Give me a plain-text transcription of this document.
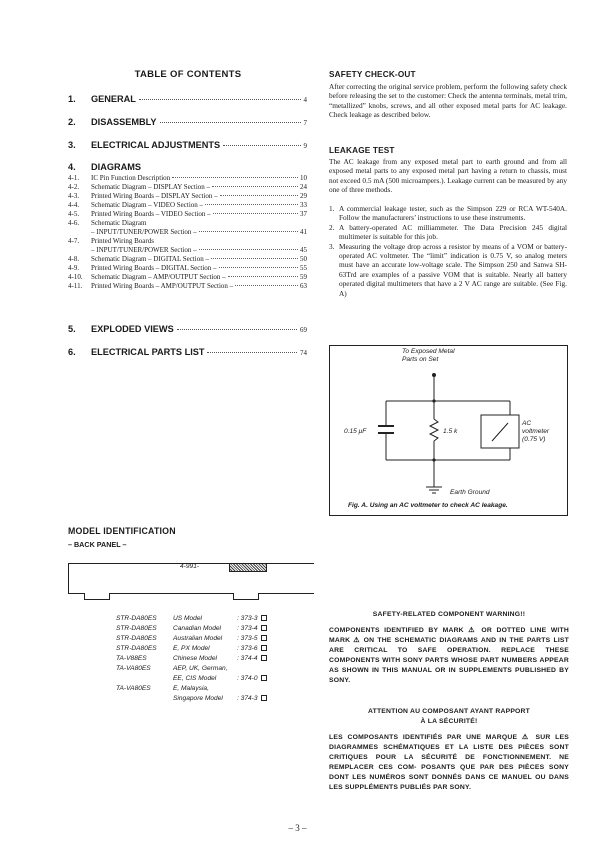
TABLE OF CONTENTS
1.	GENERAL	4
2.	DISASSEMBLY	7
3.	ELECTRICAL ADJUSTMENTS	9
4.	DIAGRAMS
4-1.	IC Pin Function Description	10
4-2.	Schematic Diagram – DISPLAY Section –	24
4-3.	Printed Wiring Boards – DISPLAY Section –	29
4-4.	Schematic Diagram – VIDEO Section –	33
4-5.	Printed Wiring Boards – VIDEO Section –	37
4-6.	Schematic Diagram
– INPUT/TUNER/POWER Section –	41
4-7.	Printed Wiring Boards
– INPUT/TUNER/POWER Section –	45
4-8.	Schematic Diagram – DIGITAL Section –	50
4-9.	Printed Wiring Boards – DIGITAL Section –	55
4-10.	Schematic Diagram – AMP/OUTPUT Section –	59
4-11.	Printed Wiring Boards – AMP/OUTPUT Section –	63
5.	EXPLODED VIEWS	69
6.	ELECTRICAL PARTS LIST	74
SAFETY CHECK-OUT

After correcting the original service problem, perform the following safety check before releasing the set to the customer: Check the antenna terminals, metal trim, “metallized” knobs, screws, and all other exposed metal parts for AC leakage. Check leakage as described below.

LEAKAGE TEST

The AC leakage from any exposed metal part to earth ground and from all exposed metal parts to any exposed metal part having a return to chassis, must not exceed 0.5 mA (500 microampers.). Leakage current can be measured by any one of three methods.

1. A commercial leakage tester, such as the Simpson 229 or RCA WT-540A. Follow the manufacturers’ instructions to use these instruments.
2. A battery-operated AC milliammeter. The Data Precision 245 digital multimeter is suitable for this job.
3. Measuring the voltage drop across a resistor by means of a VOM or battery-operated AC voltmeter. The “limit” indication is 0.75 V, so analog meters must have an accurate low-voltage scale. The Simpson 250 and Sanwa SH-63Trd are examples of a passive VOM that is suitable. Nearly all battery operated digital multimeters that have a 2 V AC range are suitable. (See Fig. A)
To Exposed Metal
Parts on Set
0.15 μF	1.5 k
AC
voltmeter
(0.75 V)
Earth Ground
Fig. A. Using an AC voltmeter to check AC leakage.
MODEL IDENTIFICATION
– BACK PANEL –
4-991-
STR-DA80ES	US Model	: 373-3
STR-DA80ES	Canadian Model	: 373-4
STR-DA80ES	Australian Model	: 373-5
STR-DA80ES	E, PX Model	: 373-6
TA-V88ES	Chinese Model	: 374-4
TA-VA80ES	AEP, UK, German,
EE, CIS Model	: 374-0
TA-VA80ES	E, Malaysia,
Singapore Model	: 374-3
SAFETY-RELATED COMPONENT WARNING!!
COMPONENTS IDENTIFIED BY MARK ⚠ OR DOTTED LINE WITH MARK ⚠ ON THE SCHEMATIC DIAGRAMS AND IN THE PARTS LIST ARE CRITICAL TO SAFE OPERATION. REPLACE THESE COMPONENTS WITH SONY PARTS WHOSE PART NUMBERS APPEAR AS SHOWN IN THIS MANUAL OR IN SUPPLEMENTS PUBLISHED BY SONY.
ATTENTION AU COMPOSANT AYANT RAPPORT
À LA SÉCURITÉ!
LES COMPOSANTS IDENTIFIÉS PAR UNE MARQUE ⚠ SUR LES DIAGRAMMES SCHÉMATIQUES ET LA LISTE DES PIÈCES SONT CRITIQUES POUR LA SÉCURITÉ DE FONCTIONNEMENT. NE REMPLACER CES COM- POSANTS QUE PAR DES PIÈCES SONY DONT LES NUMÉROS SONT DONNÉS DANS CE MANUEL OU DANS LES SUPPLÉMENTS PUBLIÉS PAR SONY.
– 3 –
